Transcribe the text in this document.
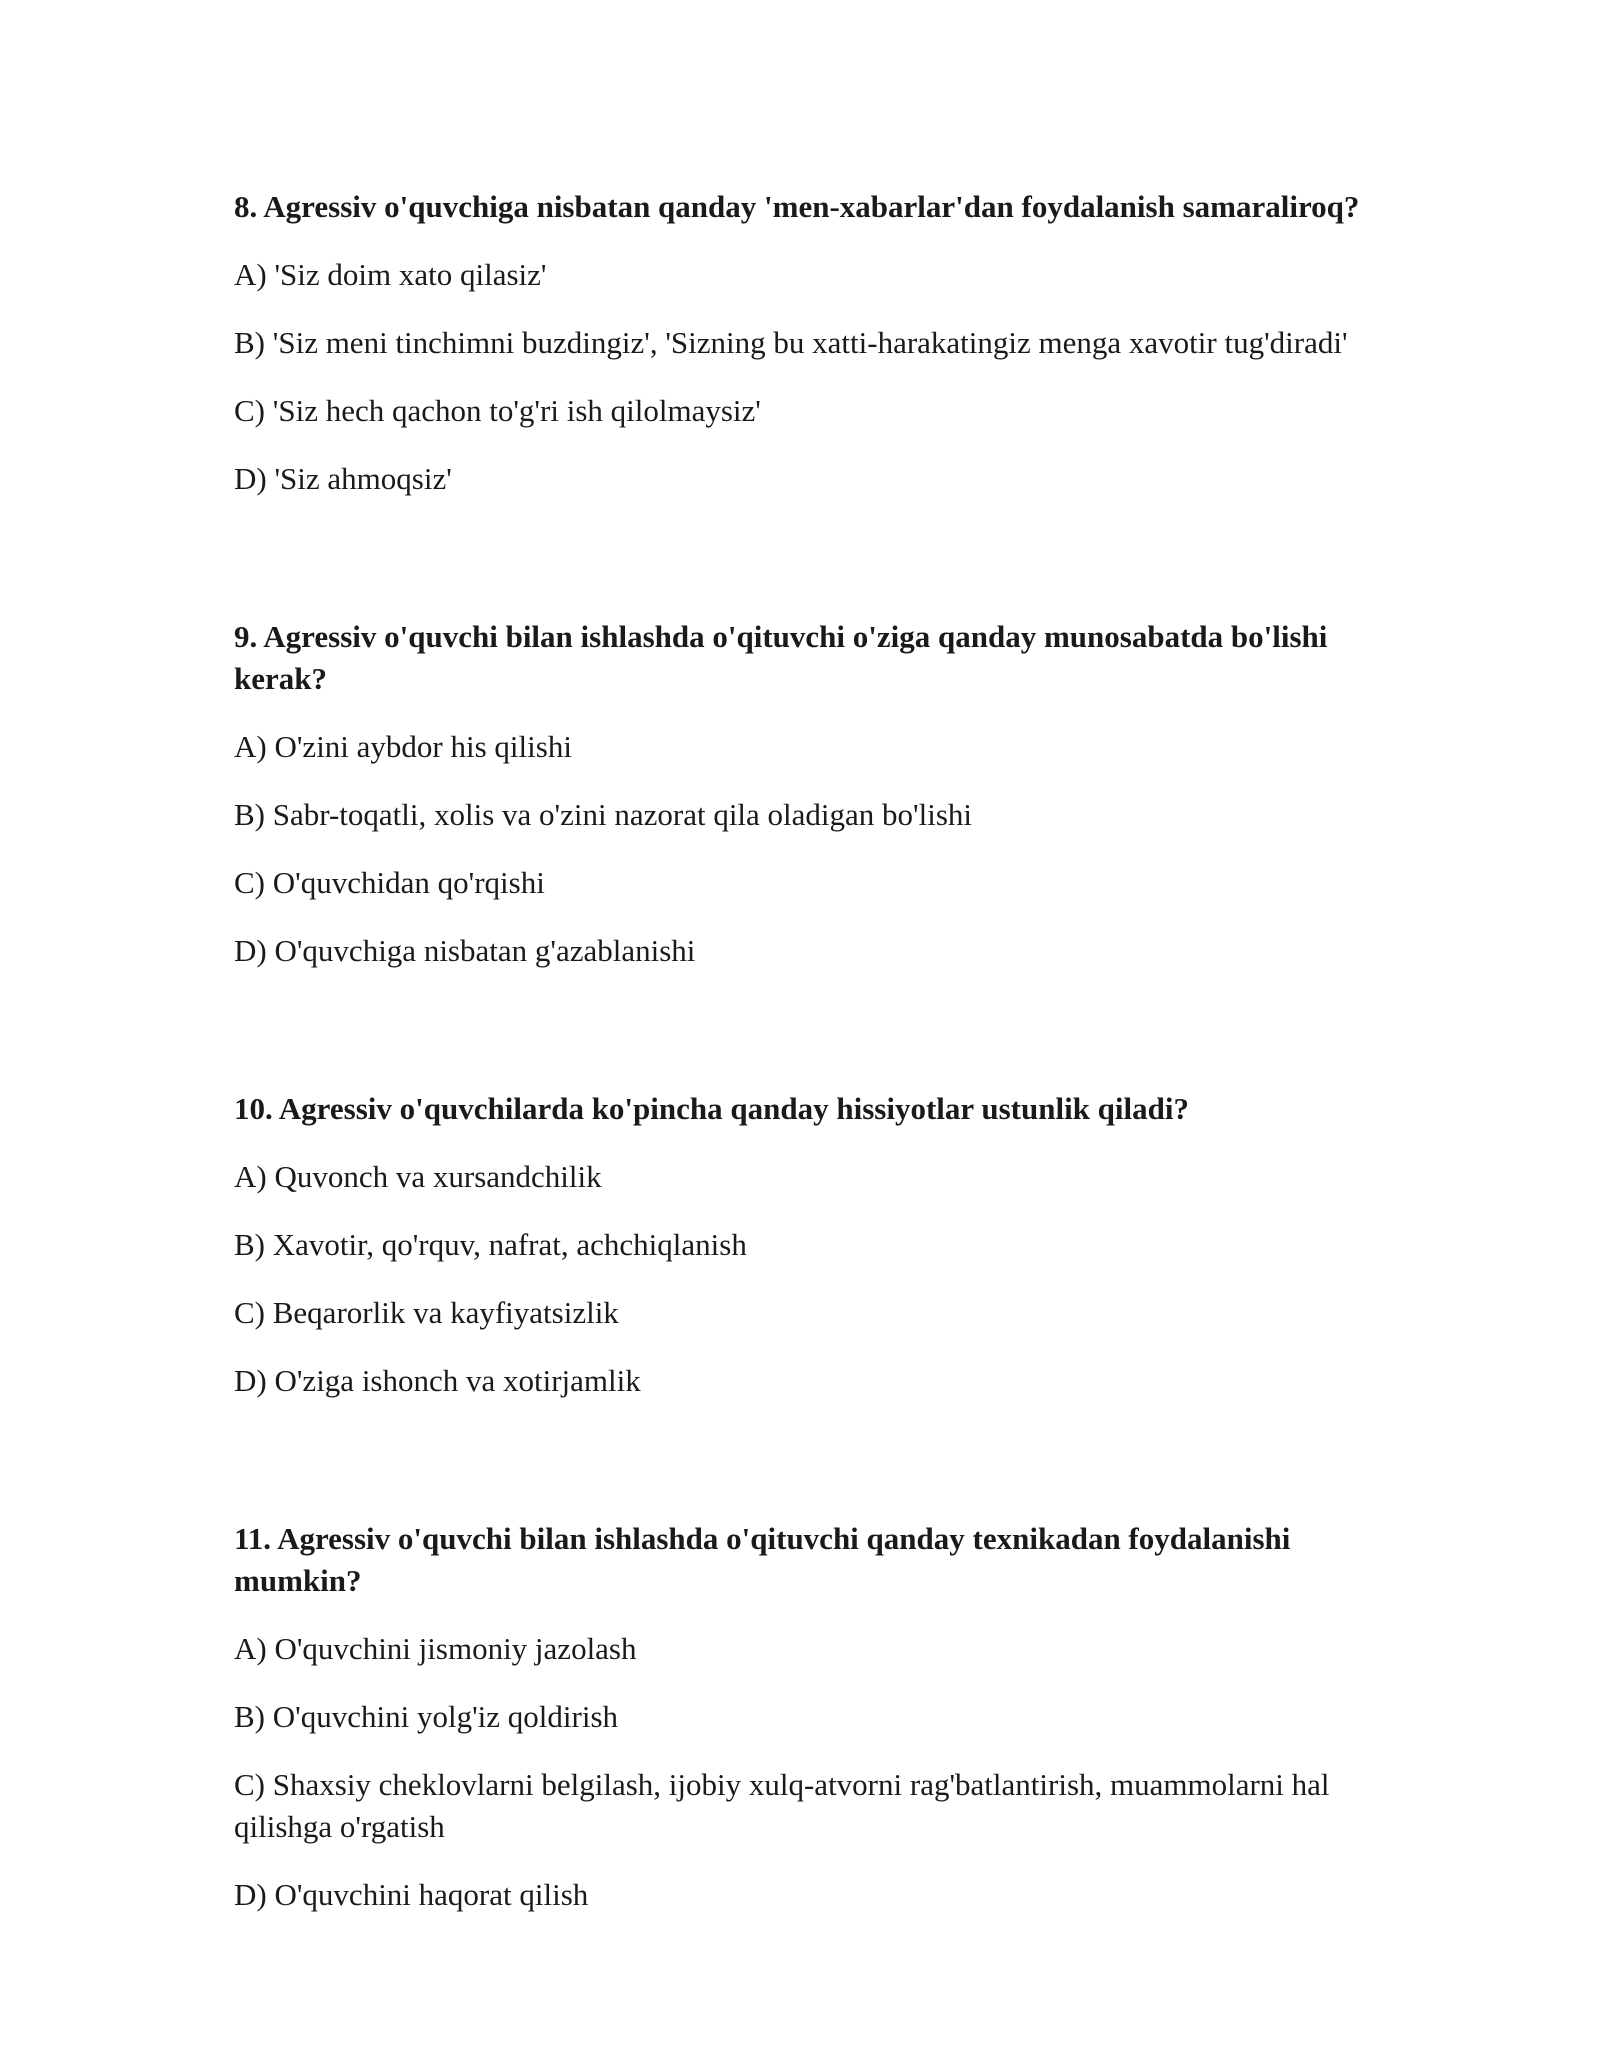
8. Agressiv o'quvchiga nisbatan qanday 'men-xabarlar'dan foydalanish samaraliroq?

A) 'Siz doim xato qilasiz'

B) 'Siz meni tinchimni buzdingiz', 'Sizning bu xatti-harakatingiz menga xavotir tug'diradi'

C) 'Siz hech qachon to'g'ri ish qilolmaysiz'

D) 'Siz ahmoqsiz'

9. Agressiv o'quvchi bilan ishlashda o'qituvchi o'ziga qanday munosabatda bo'lishi kerak?

A) O'zini aybdor his qilishi

B) Sabr-toqatli, xolis va o'zini nazorat qila oladigan bo'lishi

C) O'quvchidan qo'rqishi

D) O'quvchiga nisbatan g'azablanishi

10. Agressiv o'quvchilarda ko'pincha qanday hissiyotlar ustunlik qiladi?

A) Quvonch va xursandchilik

B) Xavotir, qo'rquv, nafrat, achchiqlanish

C) Beqarorlik va kayfiyatsizlik

D) O'ziga ishonch va xotirjamlik

11. Agressiv o'quvchi bilan ishlashda o'qituvchi qanday texnikadan foydalanishi mumkin?

A) O'quvchini jismoniy jazolash

B) O'quvchini yolg'iz qoldirish

C) Shaxsiy cheklovlarni belgilash, ijobiy xulq-atvorni rag'batlantirish, muammolarni hal qilishga o'rgatish

D) O'quvchini haqorat qilish
